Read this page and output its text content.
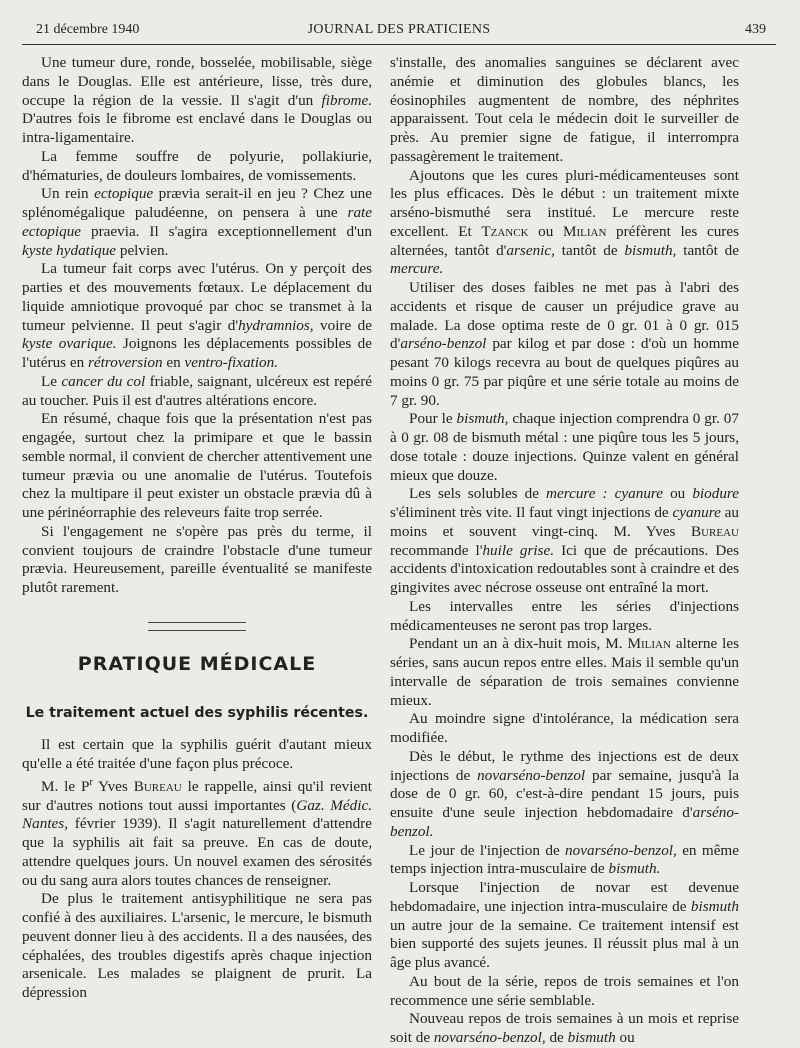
21 décembre 1940	JOURNAL DES PRATICIENS	439

Une tumeur dure, ronde, bosselée, mobilisable, siège dans le Douglas. Elle est antérieure, lisse, très dure, occupe la région de la vessie. Il s'agit d'un fibrome. D'autres fois le fibrome est enclavé dans le Douglas ou intra-ligamentaire.

La femme souffre de polyurie, pollakiurie, d'hématuries, de douleurs lombaires, de vomissements.

Un rein ectopique prævia serait-il en jeu ? Chez une splénomégalique paludéenne, on pensera à une rate ectopique praevia. Il s'agira exceptionnellement d'un kyste hydatique pelvien.

La tumeur fait corps avec l'utérus. On y perçoit des parties et des mouvements fœtaux. Le déplacement du liquide amniotique provoqué par choc se transmet à la tumeur pelvienne. Il peut s'agir d'hydramnios, voire de kyste ovarique. Joignons les déplacements possibles de l'utérus en rétroversion en ventro-fixation.

Le cancer du col friable, saignant, ulcéreux est repéré au toucher. Puis il est d'autres altérations encore.

En résumé, chaque fois que la présentation n'est pas engagée, surtout chez la primipare et que le bassin semble normal, il convient de chercher attentivement une tumeur prævia ou une anomalie de l'utérus. Toutefois chez la multipare il peut exister un obstacle prævia dû à une périnéorraphie des releveurs faite trop serrée.

Si l'engagement ne s'opère pas près du terme, il convient toujours de craindre l'obstacle d'une tumeur prævia. Heureusement, pareille éventualité se manifeste plutôt rarement.

PRATIQUE MÉDICALE
Le traitement actuel des syphilis récentes.

Il est certain que la syphilis guérit d'autant mieux qu'elle a été traitée d'une façon plus précoce.

M. le $P^r$ Yves Bureau le rappelle, ainsi qu'il revient sur d'autres notions tout aussi importantes (Gaz. Médic. Nantes, février 1939). Il s'agit naturellement d'attendre que la syphilis ait fait sa preuve. En cas de doute, attendre quelques jours. Un nouvel examen des sérosités ou du sang aura alors toutes chances de renseigner.

De plus le traitement antisyphilitique ne sera pas confié à des auxiliaires. L'arsenic, le mercure, le bismuth peuvent donner lieu à des accidents. Il a des nausées, des céphalées, des troubles digestifs après chaque injection arsenicale. Les malades se plaignent de prurit. La dépression

s'installe, des anomalies sanguines se déclarent avec anémie et diminution des globules blancs, les éosinophiles augmentent de nombre, des néphrites apparaissent. Tout cela le médecin doit le surveiller de près. Au premier signe de fatigue, il interrompra passagèrement le traitement.

Ajoutons que les cures pluri-médicamenteuses sont les plus efficaces. Dès le début : un traitement mixte arséno-bismuthé sera institué. Le mercure reste excellent. Et Tzanck ou Milian préfèrent les cures alternées, tantôt d'arsenic, tantôt de bismuth, tantôt de mercure.

Utiliser des doses faibles ne met pas à l'abri des accidents et risque de causer un préjudice grave au malade. La dose optima reste de 0 gr. 01 à 0 gr. 015 d'arséno-benzol par kilog et par dose : d'où un homme pesant 70 kilogs recevra au bout de quelques piqûres au moins 0 gr. 75 par piqûre et une série totale au moins de 7 gr. 90.

Pour le bismuth, chaque injection comprendra 0 gr. 07 à 0 gr. 08 de bismuth métal : une piqûre tous les 5 jours, dose totale : douze injections. Quinze valent en général mieux que douze.

Les sels solubles de mercure : cyanure ou biodure s'éliminent très vite. Il faut vingt injections de cyanure au moins et souvent vingt-cinq. M. Yves Bureau recommande l'huile grise. Ici que de précautions. Des accidents d'intoxication redoutables sont à craindre et des gingivites avec nécrose osseuse ont entraîné la mort.

Les intervalles entre les séries d'injections médicamenteuses ne seront pas trop larges.

Pendant un an à dix-huit mois, M. Milian alterne les séries, sans aucun repos entre elles. Mais il semble qu'un intervalle de séparation de trois semaines convienne mieux.

Au moindre signe d'intolérance, la médication sera modifiée.

Dès le début, le rythme des injections est de deux injections de novarséno-benzol par semaine, jusqu'à la dose de 0 gr. 60, c'est-à-dire pendant 15 jours, puis ensuite d'une seule injection hebdomadaire d'arséno-benzol.

Le jour de l'injection de novarséno-benzol, en même temps injection intra-musculaire de bismuth.

Lorsque l'injection de novar est devenue hebdomadaire, une injection intra-musculaire de bismuth un autre jour de la semaine. Ce traitement intensif est bien supporté des sujets jeunes. Il réussit plus mal à un âge plus avancé.

Au bout de la série, repos de trois semaines et l'on recommence une série semblable.

Nouveau repos de trois semaines à un mois et reprise soit de novarséno-benzol, de bismuth ou
